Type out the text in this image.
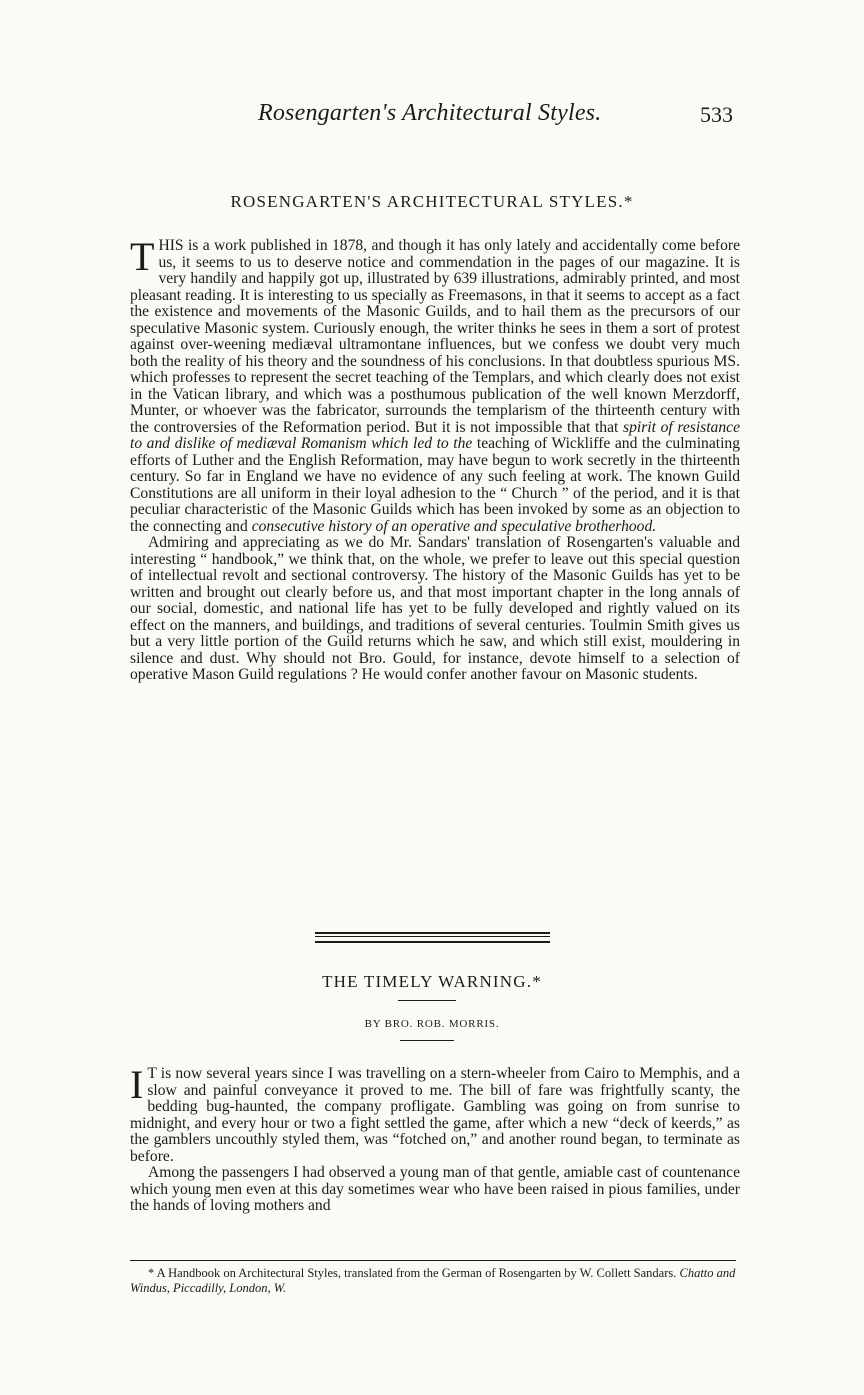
Rosengarten's Architectural Styles.	533
ROSENGARTEN'S ARCHITECTURAL STYLES.*

THIS is a work published in 1878, and though it has only lately and accidentally come before us, it seems to us to deserve notice and commendation in the pages of our magazine. It is very handily and happily got up, illustrated by 639 illustrations, admirably printed, and most pleasant reading. It is interesting to us specially as Freemasons, in that it seems to accept as a fact the existence and movements of the Masonic Guilds, and to hail them as the precursors of our speculative Masonic system. Curiously enough, the writer thinks he sees in them a sort of protest against over-weening mediæval ultramontane influences, but we confess we doubt very much both the reality of his theory and the soundness of his conclusions. In that doubtless spurious MS. which professes to represent the secret teaching of the Templars, and which clearly does not exist in the Vatican library, and which was a posthumous publication of the well known Merzdorff, Munter, or whoever was the fabricator, surrounds the templarism of the thirteenth century with the controversies of the Reformation period. But it is not impossible that that spirit of resistance to and dislike of mediæval Romanism which led to the teaching of Wickliffe and the culminating efforts of Luther and the English Reformation, may have begun to work secretly in the thirteenth century. So far in England we have no evidence of any such feeling at work. The known Guild Constitutions are all uniform in their loyal adhesion to the “ Church ” of the period, and it is that peculiar characteristic of the Masonic Guilds which has been invoked by some as an objection to the connecting and consecutive history of an operative and speculative brotherhood.

Admiring and appreciating as we do Mr. Sandars' translation of Rosengarten's valuable and interesting “ handbook,” we think that, on the whole, we prefer to leave out this special question of intellectual revolt and sectional controversy. The history of the Masonic Guilds has yet to be written and brought out clearly before us, and that most important chapter in the long annals of our social, domestic, and national life has yet to be fully developed and rightly valued on its effect on the manners, and buildings, and traditions of several centuries. Toulmin Smith gives us but a very little portion of the Guild returns which he saw, and which still exist, mouldering in silence and dust. Why should not Bro. Gould, for instance, devote himself to a selection of operative Mason Guild regulations ? He would confer another favour on Masonic students.

THE TIMELY WARNING.*
BY BRO. ROB. MORRIS.

I T is now several years since I was travelling on a stern-wheeler from Cairo to Memphis, and a slow and painful conveyance it proved to me. The bill of fare was frightfully scanty, the bedding bug-haunted, the company profligate. Gambling was going on from sunrise to midnight, and every hour or two a fight settled the game, after which a new “deck of keerds,” as the gamblers uncouthly styled them, was “fotched on,” and another round began, to terminate as before.

Among the passengers I had observed a young man of that gentle, amiable cast of countenance which young men even at this day sometimes wear who have been raised in pious families, under the hands of loving mothers and

* A Handbook on Architectural Styles, translated from the German of Rosengarten by W. Collett Sandars. Chatto and Windus, Piccadilly, London, W.
